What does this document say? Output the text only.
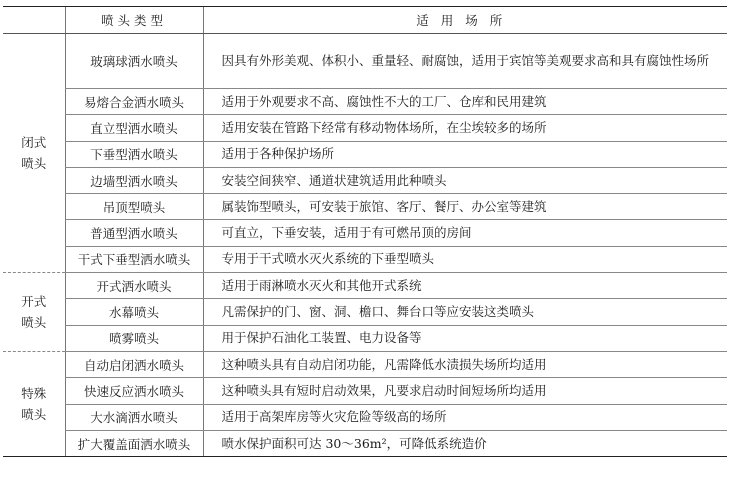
	喷头类型	适用场所

闭式
喷头	玻璃球洒水喷头	因具有外形美观、体积小、重量轻、耐腐蚀，适用于宾馆等美观要求高和具有腐蚀性场所
	易熔合金洒水喷头	适用于外观要求不高、腐蚀性不大的工厂、仓库和民用建筑
	直立型洒水喷头	适用安装在管路下经常有移动物体场所，在尘埃较多的场所
	下垂型洒水喷头	适用于各种保护场所
	边墙型洒水喷头	安装空间狭窄、通道状建筑适用此种喷头
	吊顶型喷头	属装饰型喷头，可安装于旅馆、客厅、餐厅、办公室等建筑
	普通型洒水喷头	可直立，下垂安装，适用于有可燃吊顶的房间
	干式下垂型洒水喷头	专用于干式喷水灭火系统的下垂型喷头

开式
喷头	开式洒水喷头	适用于雨淋喷水灭火和其他开式系统
	水幕喷头	凡需保护的门、窗、洞、檐口、舞台口等应安装这类喷头
	喷雾喷头	用于保护石油化工装置、电力设备等

特殊
喷头	自动启闭洒水喷头	这种喷头具有自动启闭功能，凡需降低水渍损失场所均适用
	快速反应洒水喷头	这种喷头具有短时启动效果，凡要求启动时间短场所均适用
	大水滴洒水喷头	适用于高架库房等火灾危险等级高的场所
	扩大覆盖面洒水喷头	喷水保护面积可达 30～36m²，可降低系统造价
